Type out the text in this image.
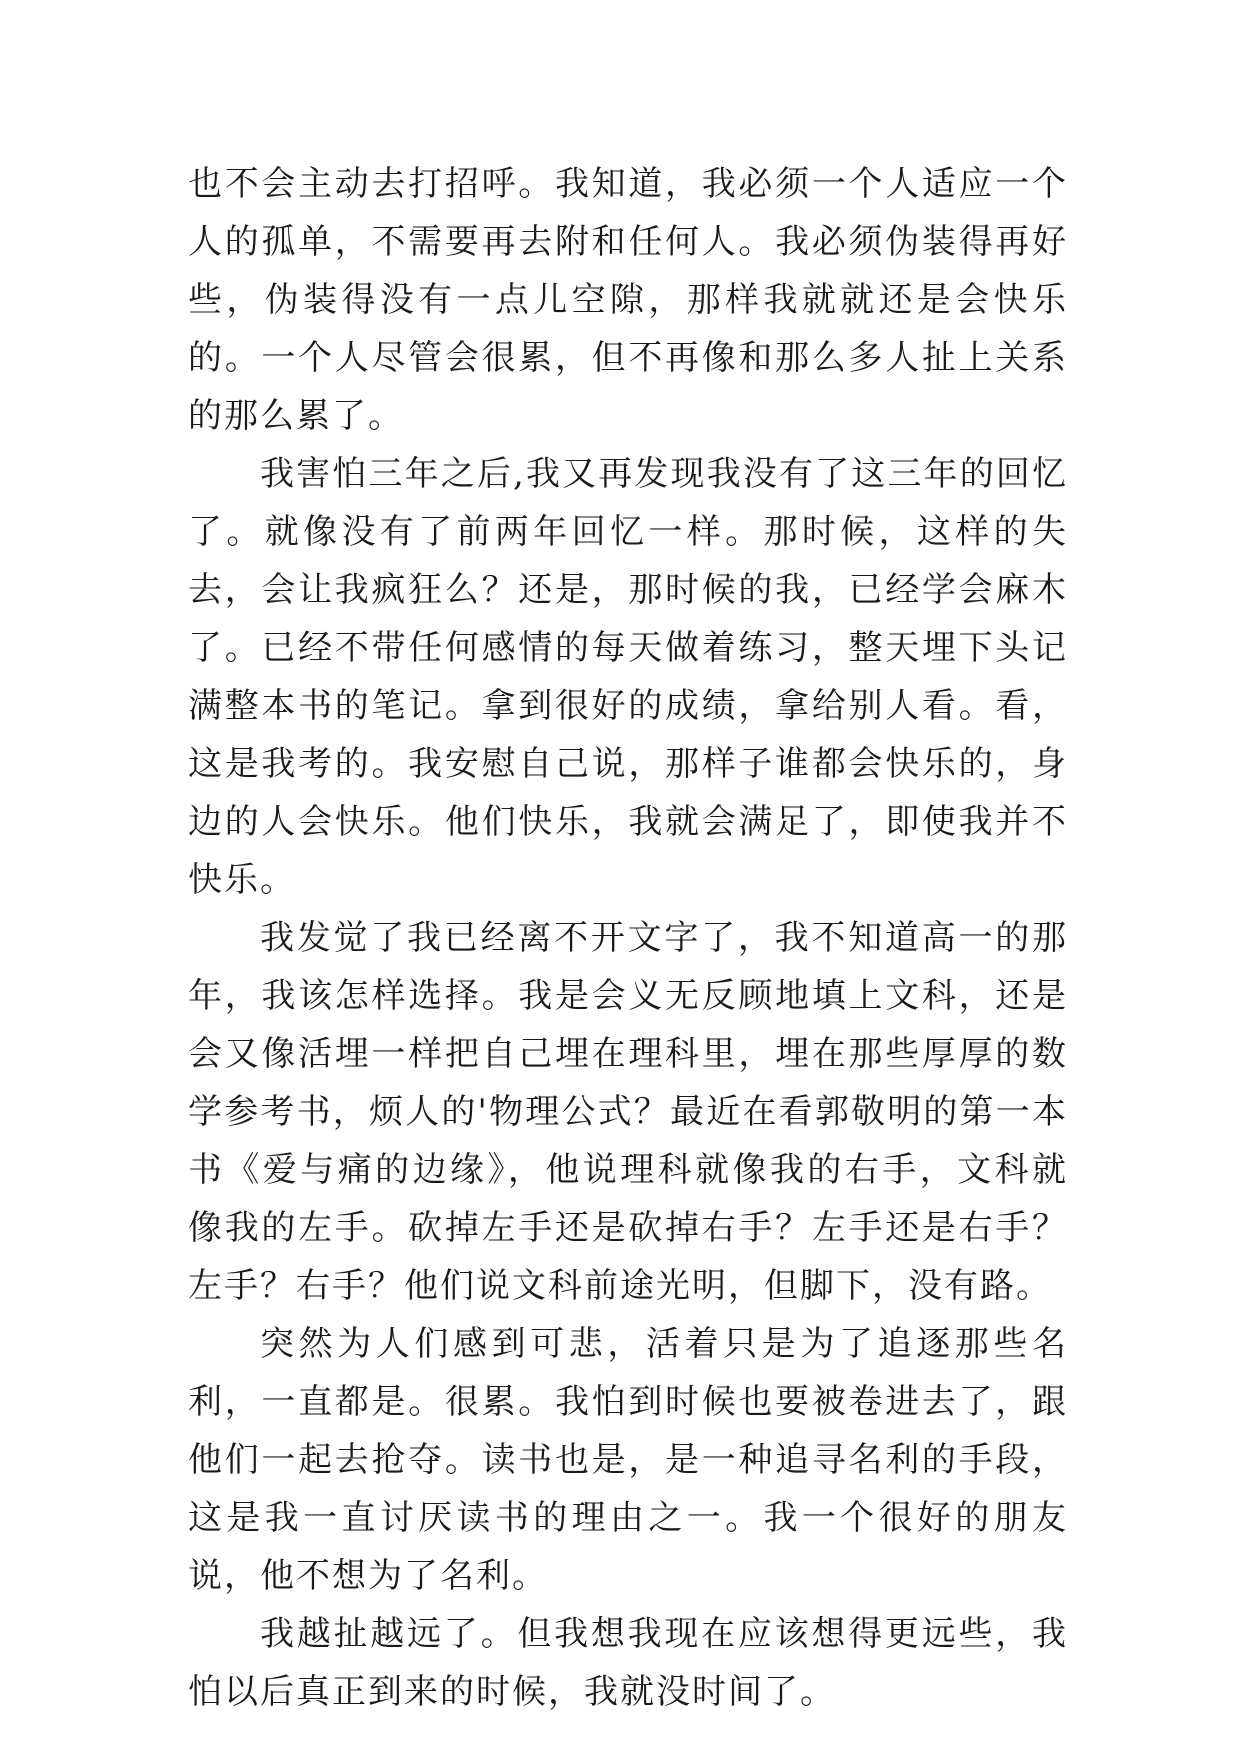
也不会主动去打招呼。我知道，我必须一个人适应一个人的孤单，不需要再去附和任何人。我必须伪装得再好些，伪装得没有一点儿空隙，那样我就就还是会快乐的。一个人尽管会很累，但不再像和那么多人扯上关系的那么累了。

我害怕三年之后,我又再发现我没有了这三年的回忆了。就像没有了前两年回忆一样。那时候，这样的失去，会让我疯狂么？还是，那时候的我，已经学会麻木了。已经不带任何感情的每天做着练习，整天埋下头记满整本书的笔记。拿到很好的成绩，拿给别人看。看，这是我考的。我安慰自己说，那样子谁都会快乐的，身边的人会快乐。他们快乐，我就会满足了，即使我并不快乐。

我发觉了我已经离不开文字了，我不知道高一的那年，我该怎样选择。我是会义无反顾地填上文科，还是会又像活埋一样把自己埋在理科里，埋在那些厚厚的数学参考书，烦人的'物理公式？最近在看郭敬明的第一本书《爱与痛的边缘》，他说理科就像我的右手，文科就像我的左手。砍掉左手还是砍掉右手？左手还是右手？左手？右手？他们说文科前途光明，但脚下，没有路。

突然为人们感到可悲，活着只是为了追逐那些名利，一直都是。很累。我怕到时候也要被卷进去了，跟他们一起去抢夺。读书也是，是一种追寻名利的手段，这是我一直讨厌读书的理由之一。我一个很好的朋友说，他不想为了名利。

我越扯越远了。但我想我现在应该想得更远些，我怕以后真正到来的时候，我就没时间了。
